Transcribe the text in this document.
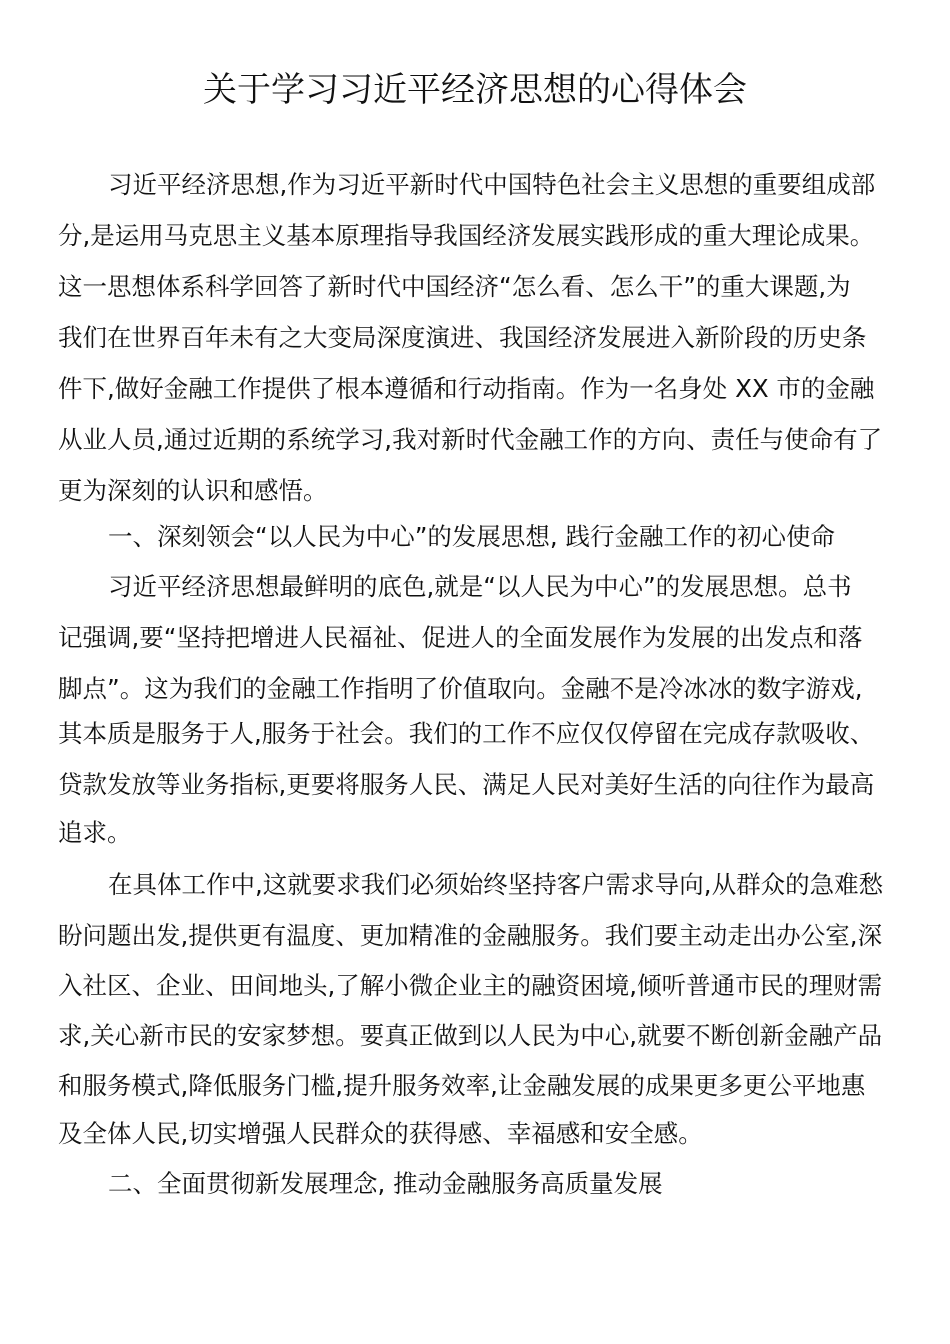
关于学习习近平经济思想的心得体会
习近平经济思想,作为习近平新时代中国特色社会主义思想的重要组成部
分,是运用马克思主义基本原理指导我国经济发展实践形成的重大理论成果。
这一思想体系科学回答了新时代中国经济“怎么看、怎么干”的重大课题,为
我们在世界百年未有之大变局深度演进、我国经济发展进入新阶段的历史条
件下,做好金融工作提供了根本遵循和行动指南。作为一名身处 XX 市的金融
从业人员,通过近期的系统学习,我对新时代金融工作的方向、责任与使命有了
更为深刻的认识和感悟。
一、深刻领会“以人民为中心”的发展思想, 践行金融工作的初心使命
习近平经济思想最鲜明的底色,就是“以人民为中心”的发展思想。总书
记强调,要“坚持把增进人民福祉、促进人的全面发展作为发展的出发点和落
脚点”。这为我们的金融工作指明了价值取向。金融不是冷冰冰的数字游戏,
其本质是服务于人,服务于社会。我们的工作不应仅仅停留在完成存款吸收、
贷款发放等业务指标,更要将服务人民、满足人民对美好生活的向往作为最高
追求。
在具体工作中,这就要求我们必须始终坚持客户需求导向,从群众的急难愁
盼问题出发,提供更有温度、更加精准的金融服务。我们要主动走出办公室,深
入社区、企业、田间地头,了解小微企业主的融资困境,倾听普通市民的理财需
求,关心新市民的安家梦想。要真正做到以人民为中心,就要不断创新金融产品
和服务模式,降低服务门槛,提升服务效率,让金融发展的成果更多更公平地惠
及全体人民,切实增强人民群众的获得感、幸福感和安全感。
二、全面贯彻新发展理念, 推动金融服务高质量发展
